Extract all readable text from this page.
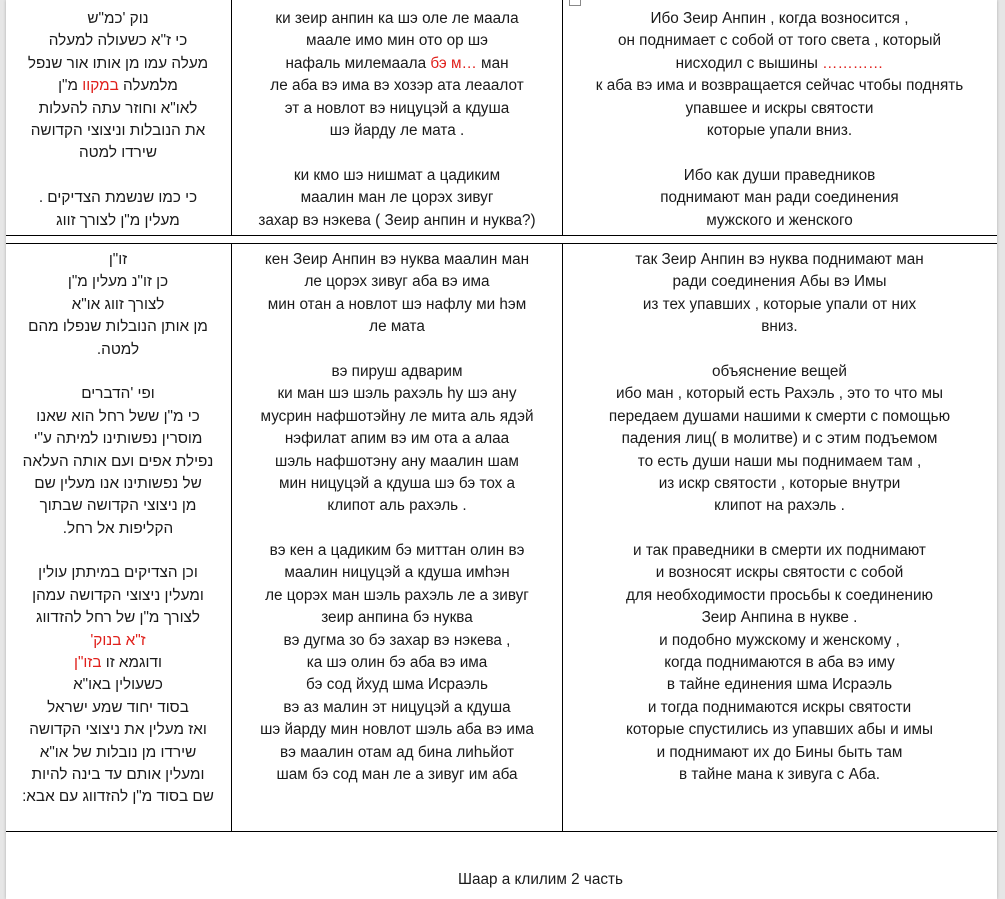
נוק 'כמ"ש
כי ז"א כשעולה למעלה
מעלה עמו מן אותו אור שנפל
מלמעלה במקוו מ"ן
לאו"א וחוזר עתה להעלות
את הנובלות וניצוצי הקדושה
שירדו למטה
כי כמו שנשמת הצדיקים .
מעלין מ"ן לצורך זווג
ки зеир анпин ка шэ оле ле маала
маале имо мин ото ор шэ
нафаль милемаала бэ м… ман
ле аба вэ има вэ хозэр ата леаалот
эт а новлот вэ ницуцэй а кдуша
шэ йарду ле мата .
ки кмо шэ нишмат а цадиким
маалин ман ле цорэх зивуг
захар вэ нэкева ( Зеир анпин и нуква?)
Ибо Зеир Анпин , когда возносится ,
он поднимает с собой от того света , который
нисходил с вышины …………
к аба вэ има и возвращается сейчас чтобы поднять
упавшее и искры святости
которые упали вниз.
Ибо как души праведников
поднимают ман ради соединения
мужского и женского
זו"ן
כן זו"נ מעלין מ"ן
לצורך זווג או"א
מן אותן הנובלות שנפלו מהם
למטה.
ופי 'הדברים
כי מ"ן ששל רחל הוא שאנו
מוסרין נפשותינו למיתה ע"י
נפילת אפים ועם אותה העלאה
של נפשותינו אנו מעלין שם
מן ניצוצי הקדושה שבתוך
הקליפות אל רחל.
וכן הצדיקים במיתתן עולין
ומעלין ניצוצי הקדושה עמהן
לצורך מ"ן של רחל להזדווג
ז"א בנוק'
ודוגמא זו בזו"ן
כשעולין באו"א
בסוד יחוד שמע ישראל
ואז מעלין את ניצוצי הקדושה
שירדו מן נובלות של או"א
ומעלין אותם עד בינה להיות
שם בסוד מ"ן להזדווג עם אבא:
кен Зеир Анпин вэ нуква маалин ман
ле цорэх зивуг аба вэ има
мин отан а новлот шэ нафлу ми hэм
ле мата
вэ пируш адварим
ки ман шэ шэль рахэль hу шэ ану
мусрин нафшотэйну ле мита аль ядэй
нэфилат апим вэ им ота а алаа
шэль нафшотэну ану маалин шам
мин ницуцэй а кдуша шэ бэ тох а
клипот аль рахэль .
вэ кен а цадиким бэ миттан олин вэ
маалин ницуцэй а кдуша имhэн
ле цорэх ман шэль рахэль ле а зивуг
зеир анпина бэ нуква
вэ дугма зо бэ захар вэ нэкева ,
ка шэ олин бэ аба вэ има
бэ сод йхуд шма Исраэль
вэ аз малин эт ницуцэй а кдуша
шэ йарду мин новлот шэль аба вэ има
вэ маалин отам ад бина лиhьйот
шам бэ сод ман ле а зивуг им аба
так Зеир Анпин вэ нуква поднимают ман
ради соединения Абы вэ Имы
из тех упавших , которые упали от них
вниз.
объяснение вещей
ибо ман , который есть Рахэль , это то что мы
передаем душами нашими к смерти с помощью
падения лиц( в молитве) и с этим подъемом
то есть души наши мы поднимаем там ,
из искр святости , которые внутри
клипот на рахэль .
и так праведники в смерти их поднимают
и возносят искры святости с собой
для необходимости просьбы к соединению
Зеир Анпина в нукве .
и подобно мужскому и женскому ,
когда поднимаются в аба вэ иму
в тайне единения шма Исраэль
и тогда поднимаются искры святости
которые спустились из упавших абы и имы
и поднимают их до Бины быть там
в тайне мана к зивуга с Аба.
Шаар а клилим 2 часть
